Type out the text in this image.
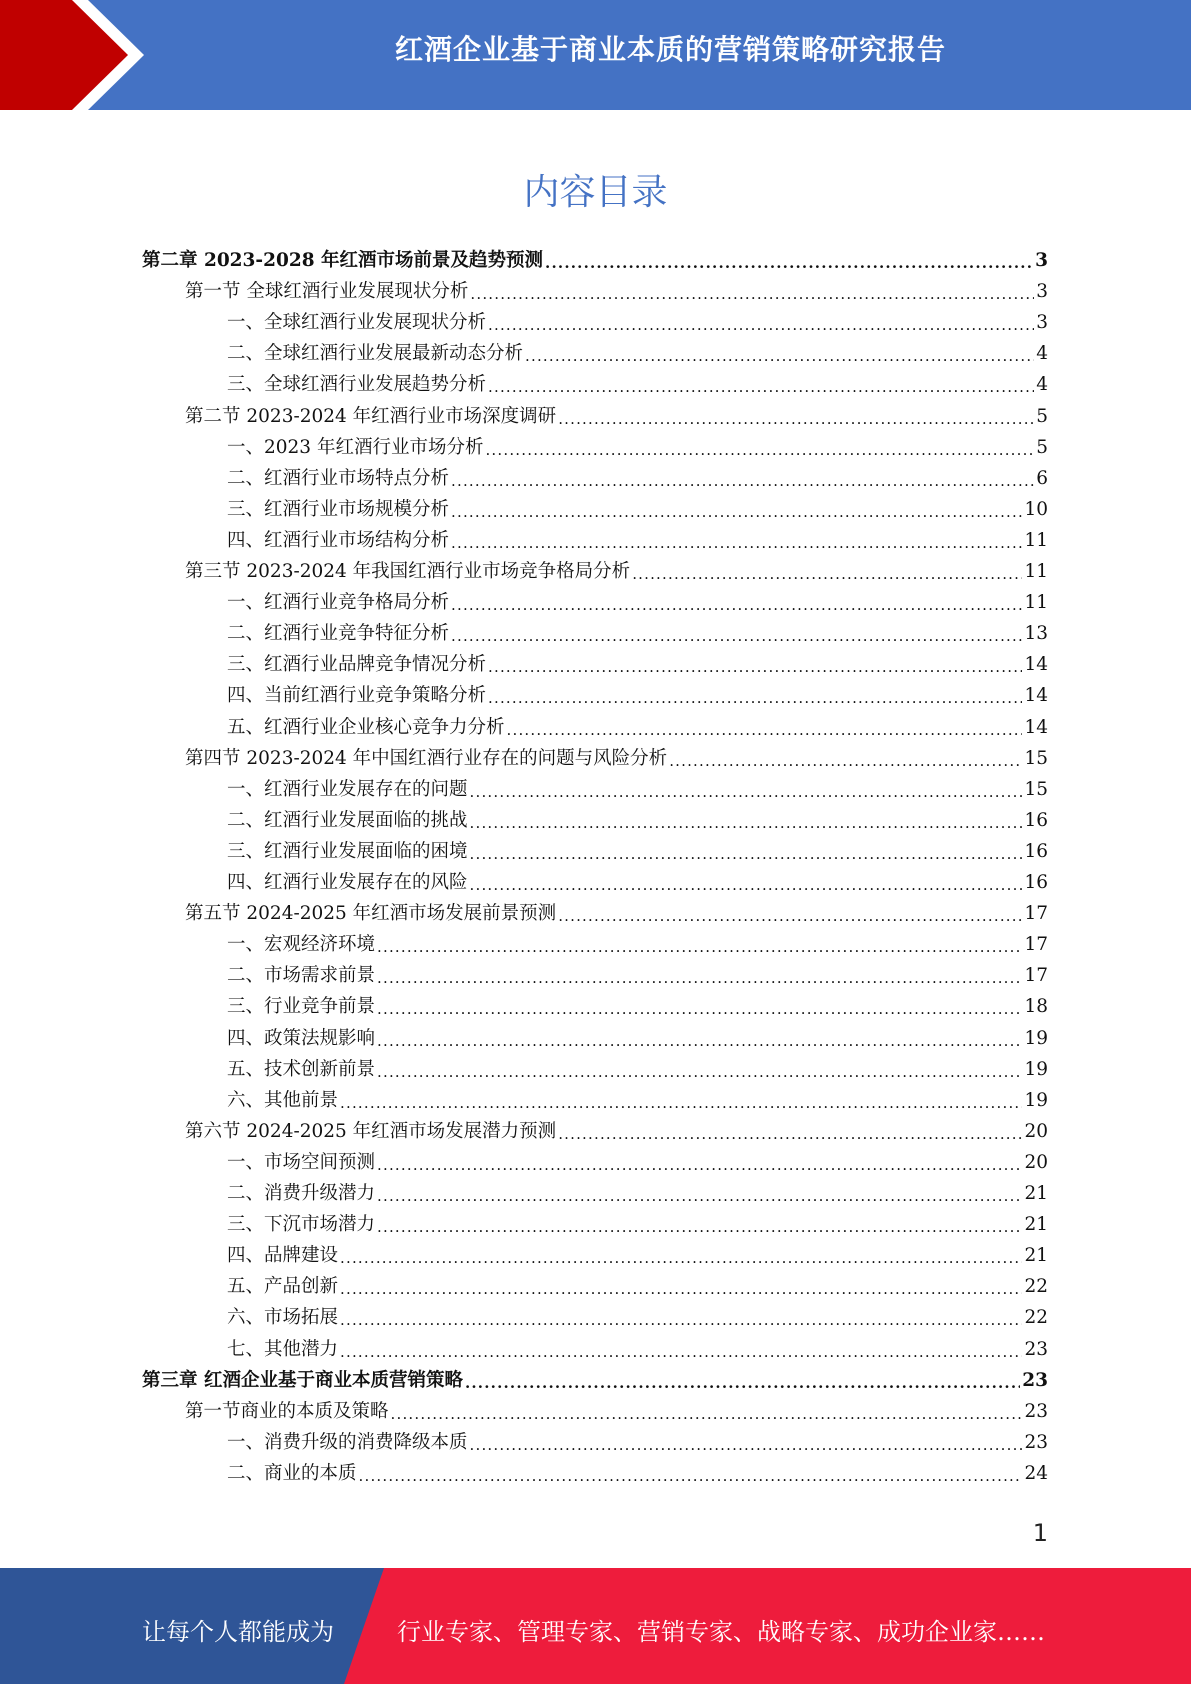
红酒企业基于商业本质的营销策略研究报告
内容目录
第二章 2023-2028 年红酒市场前景及趋势预测 .....	3
第一节 全球红酒行业发展现状分析 .....	3
一、全球红酒行业发展现状分析 .....	3
二、全球红酒行业发展最新动态分析 .....	4
三、全球红酒行业发展趋势分析 .....	4
第二节 2023-2024 年红酒行业市场深度调研 .....	5
一、2023 年红酒行业市场分析 .....	5
二、红酒行业市场特点分析 .....	6
三、红酒行业市场规模分析 .....	10
四、红酒行业市场结构分析 .....	11
第三节 2023-2024 年我国红酒行业市场竞争格局分析 .....	11
一、红酒行业竞争格局分析 .....	11
二、红酒行业竞争特征分析 .....	13
三、红酒行业品牌竞争情况分析 .....	14
四、当前红酒行业竞争策略分析 .....	14
五、红酒行业企业核心竞争力分析 .....	14
第四节 2023-2024 年中国红酒行业存在的问题与风险分析 .....	15
一、红酒行业发展存在的问题 .....	15
二、红酒行业发展面临的挑战 .....	16
三、红酒行业发展面临的困境 .....	16
四、红酒行业发展存在的风险 .....	16
第五节 2024-2025 年红酒市场发展前景预测 .....	17
一、宏观经济环境 .....	17
二、市场需求前景 .....	17
三、行业竞争前景 .....	18
四、政策法规影响 .....	19
五、技术创新前景 .....	19
六、其他前景 .....	19
第六节 2024-2025 年红酒市场发展潜力预测 .....	20
一、市场空间预测 .....	20
二、消费升级潜力 .....	21
三、下沉市场潜力 .....	21
四、品牌建设 .....	21
五、产品创新 .....	22
六、市场拓展 .....	22
七、其他潜力 .....	23
第三章 红酒企业基于商业本质营销策略 .....	23
第一节商业的本质及策略 .....	23
一、消费升级的消费降级本质 .....	23
二、商业的本质 .....	24
1
让每个人都能成为	行业专家、管理专家、营销专家、战略专家、成功企业家……
